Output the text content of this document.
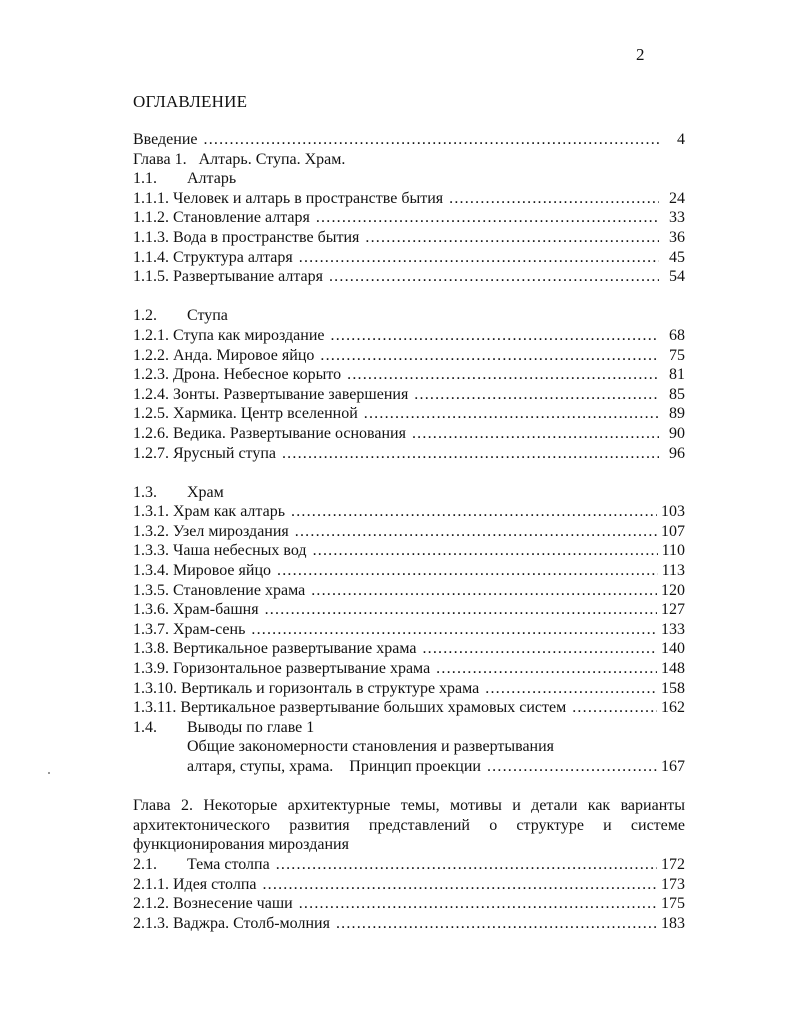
2
ОГЛАВЛЕНИЕ
Введение .....	4
Глава 1.   Алтарь. Ступа. Храм.
1.1.	Алтарь
1.1.1. Человек и алтарь в пространстве бытия .....	24
1.1.2. Становление алтаря .....	33
1.1.3. Вода в пространстве бытия .....	36
1.1.4. Структура алтаря .....	45
1.1.5. Развертывание алтаря .....	54
1.2.	Ступа
1.2.1. Ступа как мироздание .....	68
1.2.2. Анда. Мировое яйцо .....	75
1.2.3. Дрона. Небесное корыто .....	81
1.2.4. Зонты. Развертывание завершения .....	85
1.2.5. Хармика. Центр вселенной .....	89
1.2.6. Ведика. Развертывание основания .....	90
1.2.7. Ярусный ступа .....	96
1.3.	Храм
1.3.1. Храм как алтарь .....	103
1.3.2. Узел мироздания .....	107
1.3.3. Чаша небесных вод .....	110
1.3.4. Мировое яйцо .....	113
1.3.5. Становление храма .....	120
1.3.6. Храм-башня .....	127
1.3.7. Храм-сень .....	133
1.3.8. Вертикальное развертывание храма .....	140
1.3.9. Горизонтальное развертывание храма .....	148
1.3.10. Вертикаль и горизонталь в структуре храма .....	158
1.3.11. Вертикальное развертывание больших храмовых систем .....	162
1.4.	Выводы по главе 1
Общие закономерности становления и развертывания
алтаря, ступы, храма.    Принцип проекции .....	167
Глава 2. Некоторые архитектурные темы, мотивы и детали как варианты архитектонического развития представлений о структуре и системе функционирования мироздания
2.1.	Тема столпа .....	172
2.1.1. Идея столпа .....	173
2.1.2. Вознесение чаши .....	175
2.1.3. Ваджра. Столб-молния .....	183
